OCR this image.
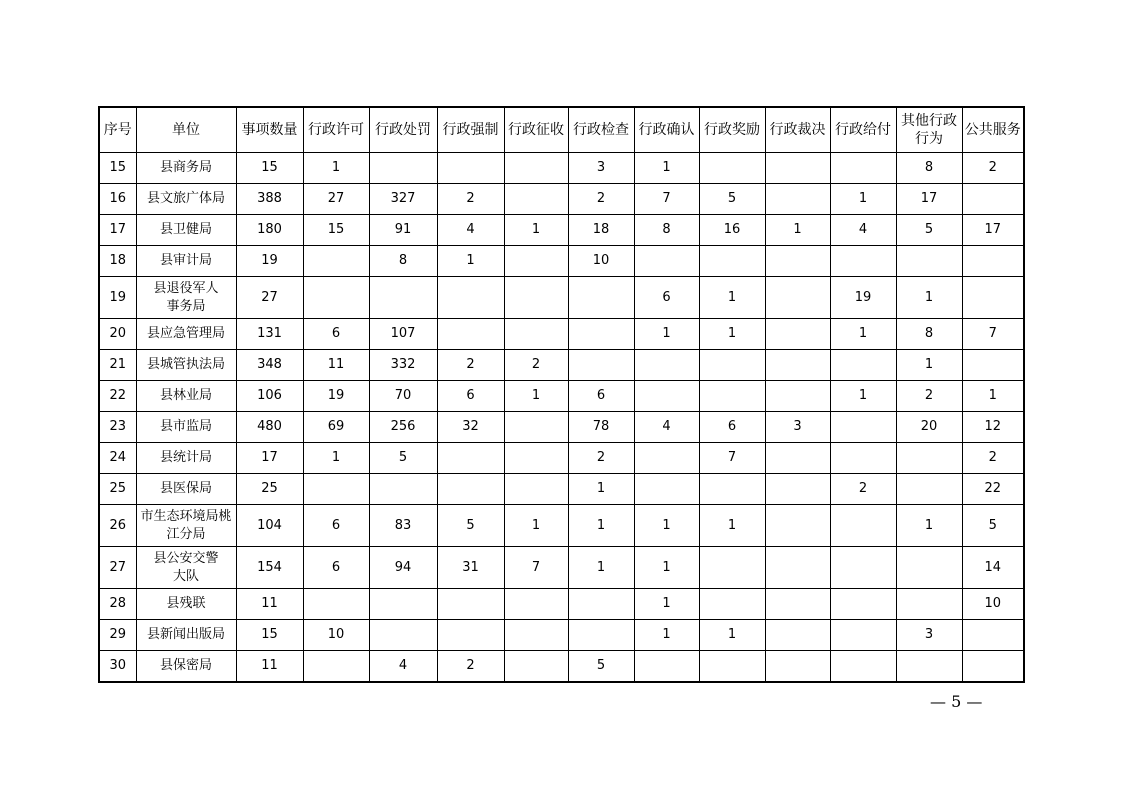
序号	单位	事项数量	行政许可	行政处罚	行政强制	行政征收	行政检查	行政确认	行政奖励	行政裁决	行政给付	其他行政
行为	公共服务
15	县商务局	15	1				3	1				8	2
16	县文旅广体局	388	27	327	2		2	7	5		1	17	
17	县卫健局	180	15	91	4	1	18	8	16	1	4	5	17
18	县审计局	19		8	1		10						
19	县退役军人
事务局	27						6	1		19	1	
20	县应急管理局	131	6	107				1	1		1	8	7
21	县城管执法局	348	11	332	2	2						1	
22	县林业局	106	19	70	6	1	6				1	2	1
23	县市监局	480	69	256	32		78	4	6	3		20	12
24	县统计局	17	1	5			2		7				2
25	县医保局	25					1				2		22
26	市生态环境局桃
江分局	104	6	83	5	1	1	1	1			1	5
27	县公安交警
大队	154	6	94	31	7	1	1					14
28	县残联	11						1					10
29	县新闻出版局	15	10					1	1			3	
30	县保密局	11		4	2		5						
— 5 —
